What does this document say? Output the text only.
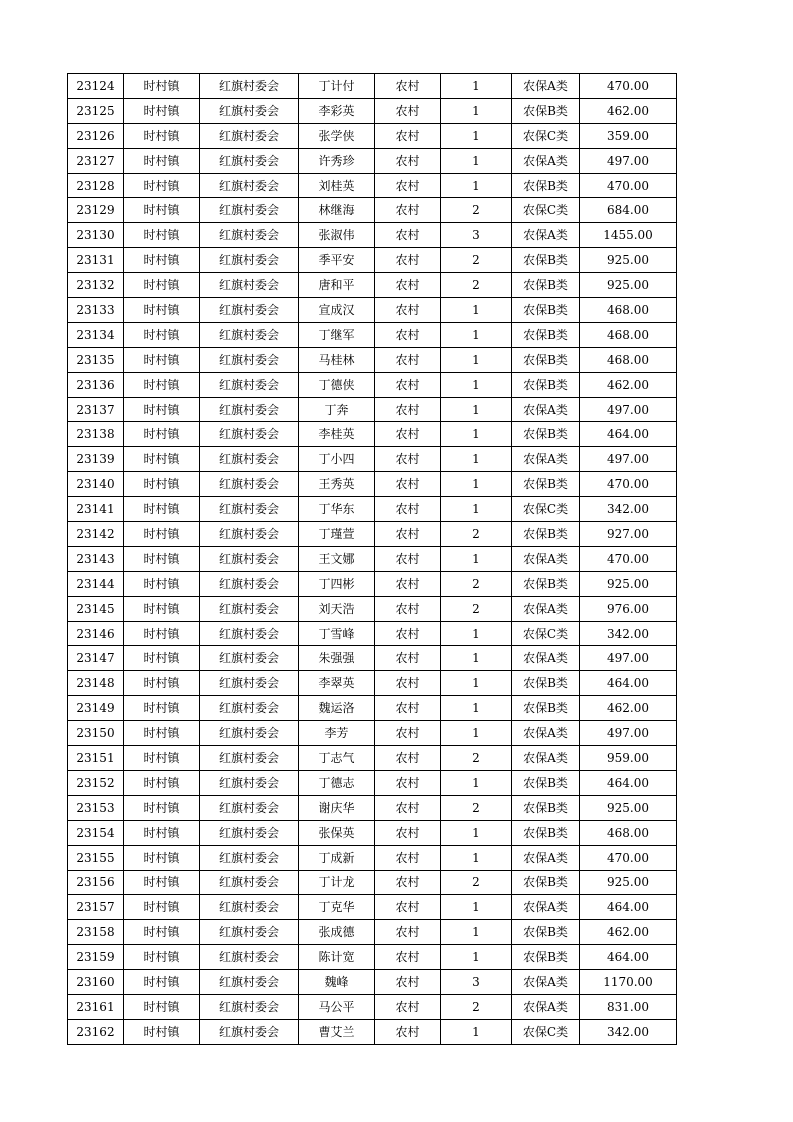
23124	时村镇	红旗村委会	丁计付	农村	1	农保A类	470.00
23125	时村镇	红旗村委会	李彩英	农村	1	农保B类	462.00
23126	时村镇	红旗村委会	张学侠	农村	1	农保C类	359.00
23127	时村镇	红旗村委会	许秀珍	农村	1	农保A类	497.00
23128	时村镇	红旗村委会	刘桂英	农村	1	农保B类	470.00
23129	时村镇	红旗村委会	林继海	农村	2	农保C类	684.00
23130	时村镇	红旗村委会	张淑伟	农村	3	农保A类	1455.00
23131	时村镇	红旗村委会	季平安	农村	2	农保B类	925.00
23132	时村镇	红旗村委会	唐和平	农村	2	农保B类	925.00
23133	时村镇	红旗村委会	宣成汉	农村	1	农保B类	468.00
23134	时村镇	红旗村委会	丁继军	农村	1	农保B类	468.00
23135	时村镇	红旗村委会	马桂林	农村	1	农保B类	468.00
23136	时村镇	红旗村委会	丁德侠	农村	1	农保B类	462.00
23137	时村镇	红旗村委会	丁奔	农村	1	农保A类	497.00
23138	时村镇	红旗村委会	李桂英	农村	1	农保B类	464.00
23139	时村镇	红旗村委会	丁小四	农村	1	农保A类	497.00
23140	时村镇	红旗村委会	王秀英	农村	1	农保B类	470.00
23141	时村镇	红旗村委会	丁华东	农村	1	农保C类	342.00
23142	时村镇	红旗村委会	丁瑾萱	农村	2	农保B类	927.00
23143	时村镇	红旗村委会	王文娜	农村	1	农保A类	470.00
23144	时村镇	红旗村委会	丁四彬	农村	2	农保B类	925.00
23145	时村镇	红旗村委会	刘天浩	农村	2	农保A类	976.00
23146	时村镇	红旗村委会	丁雪峰	农村	1	农保C类	342.00
23147	时村镇	红旗村委会	朱强强	农村	1	农保A类	497.00
23148	时村镇	红旗村委会	李翠英	农村	1	农保B类	464.00
23149	时村镇	红旗村委会	魏运洛	农村	1	农保B类	462.00
23150	时村镇	红旗村委会	李芳	农村	1	农保A类	497.00
23151	时村镇	红旗村委会	丁志气	农村	2	农保A类	959.00
23152	时村镇	红旗村委会	丁德志	农村	1	农保B类	464.00
23153	时村镇	红旗村委会	谢庆华	农村	2	农保B类	925.00
23154	时村镇	红旗村委会	张保英	农村	1	农保B类	468.00
23155	时村镇	红旗村委会	丁成新	农村	1	农保A类	470.00
23156	时村镇	红旗村委会	丁计龙	农村	2	农保B类	925.00
23157	时村镇	红旗村委会	丁克华	农村	1	农保A类	464.00
23158	时村镇	红旗村委会	张成德	农村	1	农保B类	462.00
23159	时村镇	红旗村委会	陈计宽	农村	1	农保B类	464.00
23160	时村镇	红旗村委会	魏峰	农村	3	农保A类	1170.00
23161	时村镇	红旗村委会	马公平	农村	2	农保A类	831.00
23162	时村镇	红旗村委会	曹艾兰	农村	1	农保C类	342.00
